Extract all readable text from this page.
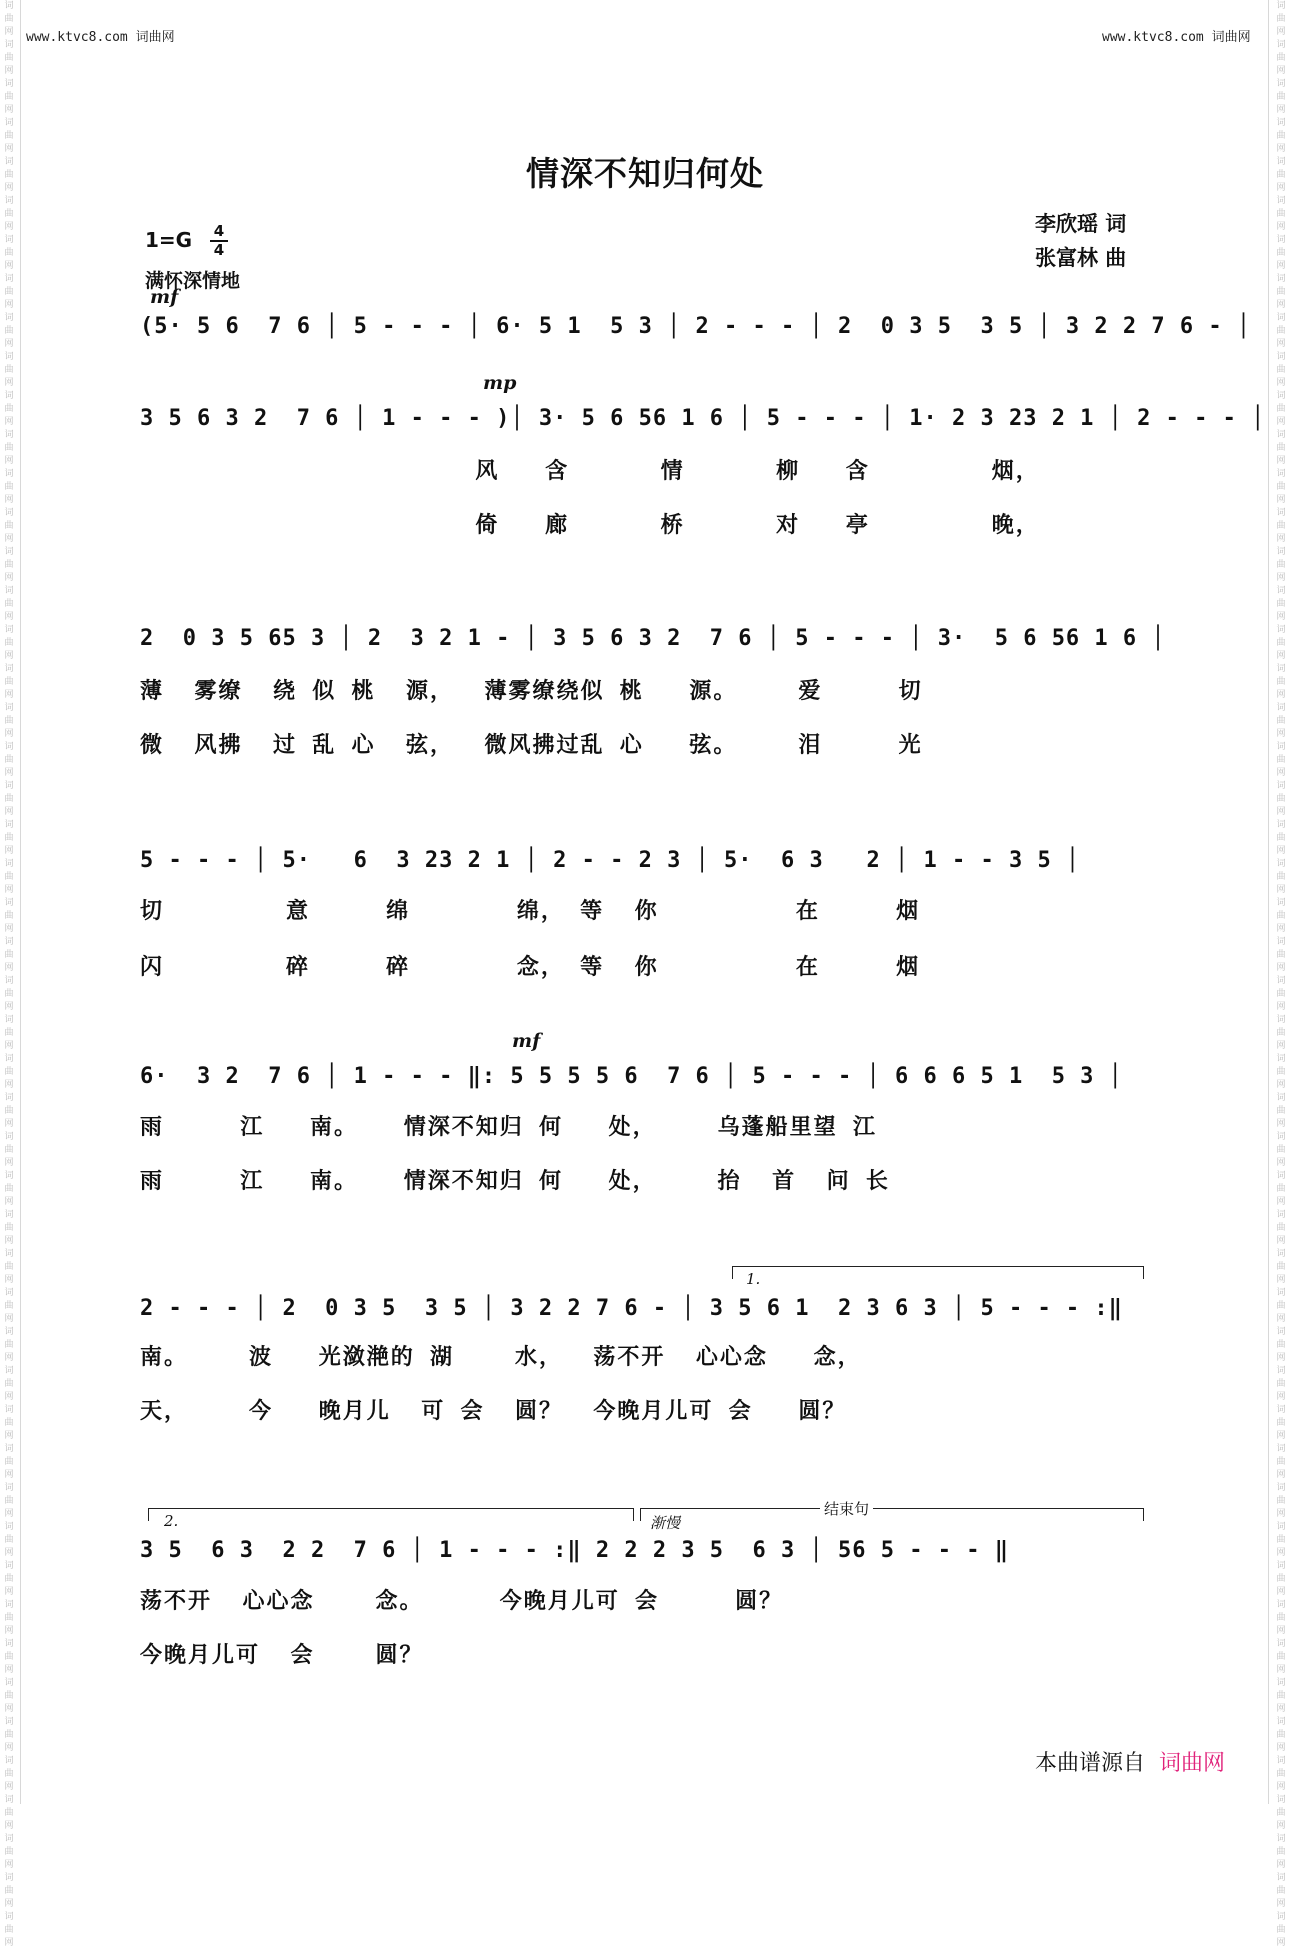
词曲网词曲网词曲网词曲网词曲网词曲网词曲网词曲网词曲网词曲网词曲网词曲网词曲网词曲网词曲网词曲网词曲网词曲网词曲网词曲网词曲网词曲网词曲网词曲网词曲网词曲网词曲网词曲网词曲网词曲网词曲网词曲网词曲网词曲网词曲网词曲网词曲网词曲网词曲网词曲网词曲网词曲网词曲网词曲网词曲网词曲网词曲网词曲网词曲网词曲网
词曲网词曲网词曲网词曲网词曲网词曲网词曲网词曲网词曲网词曲网词曲网词曲网词曲网词曲网词曲网词曲网词曲网词曲网词曲网词曲网词曲网词曲网词曲网词曲网词曲网词曲网词曲网词曲网词曲网词曲网词曲网词曲网词曲网词曲网词曲网词曲网词曲网词曲网词曲网词曲网词曲网词曲网词曲网词曲网词曲网词曲网词曲网词曲网词曲网词曲网
www.ktvc8.com 词曲网	www.ktvc8.com 词曲网
情深不知归何处
李欣瑶 词
张富林 曲
1=G 4
4
满怀深情地
mf
mp
mf
(5· 5 6  7 6 │ 5 - - - │ 6· 5 1  5 3 │ 2 - - - │ 2  0 3 5  3 5 │ 3 2 2 7 6 - │
3 5 6 3 2  7 6 │ 1 - - - )│ 3· 5 6 56 1 6 │ 5 - - - │ 1· 2 3 23 2 1 │ 2 - - - │
风   含      情      柳   含        烟，
倚   廊      桥      对   亭        晚，
2  0 3 5 65 3 │ 2  3 2 1 - │ 3 5 6 3 2  7 6 │ 5 - - - │ 3·  5 6 56 1 6 │
薄  雾缭  绕 似 桃  源，  薄雾缭绕似 桃   源。    爱     切
微  风拂  过 乱 心  弦，  微风拂过乱 心   弦。    泪     光
5 - - - │ 5·   6  3 23 2 1 │ 2 - - 2 3 │ 5·  6 3   2 │ 1 - - 3 5 │
切        意     绵       绵， 等  你         在     烟
闪        碎     碎       念， 等  你         在     烟
6·  3 2  7 6 │ 1 - - - ‖: 5 5 5 5 6  7 6 │ 5 - - - │ 6 6 6 5 1  5 3 │
雨     江   南。   情深不知归 何   处，    乌蓬船里望 江
雨     江   南。   情深不知归 何   处，    抬  首  问 长
1.
2 - - - │ 2  0 3 5  3 5 │ 3 2 2 7 6 - │ 3 5 6 1  2 3 6 3 │ 5 - - - :‖
南。    波   光潋滟的 湖    水，  荡不开  心心念   念，
天，    今   晚月儿  可 会  圆？  今晚月儿可 会   圆？
2.	渐慢
结束句
3 5  6 3  2 2  7 6 │ 1 - - - :‖ 2 2 2 3 5  6 3 │ 56 5 - - - ‖
荡不开  心心念    念。     今晚月儿可 会     圆？
今晚月儿可  会    圆？
本曲谱源自 词曲网
